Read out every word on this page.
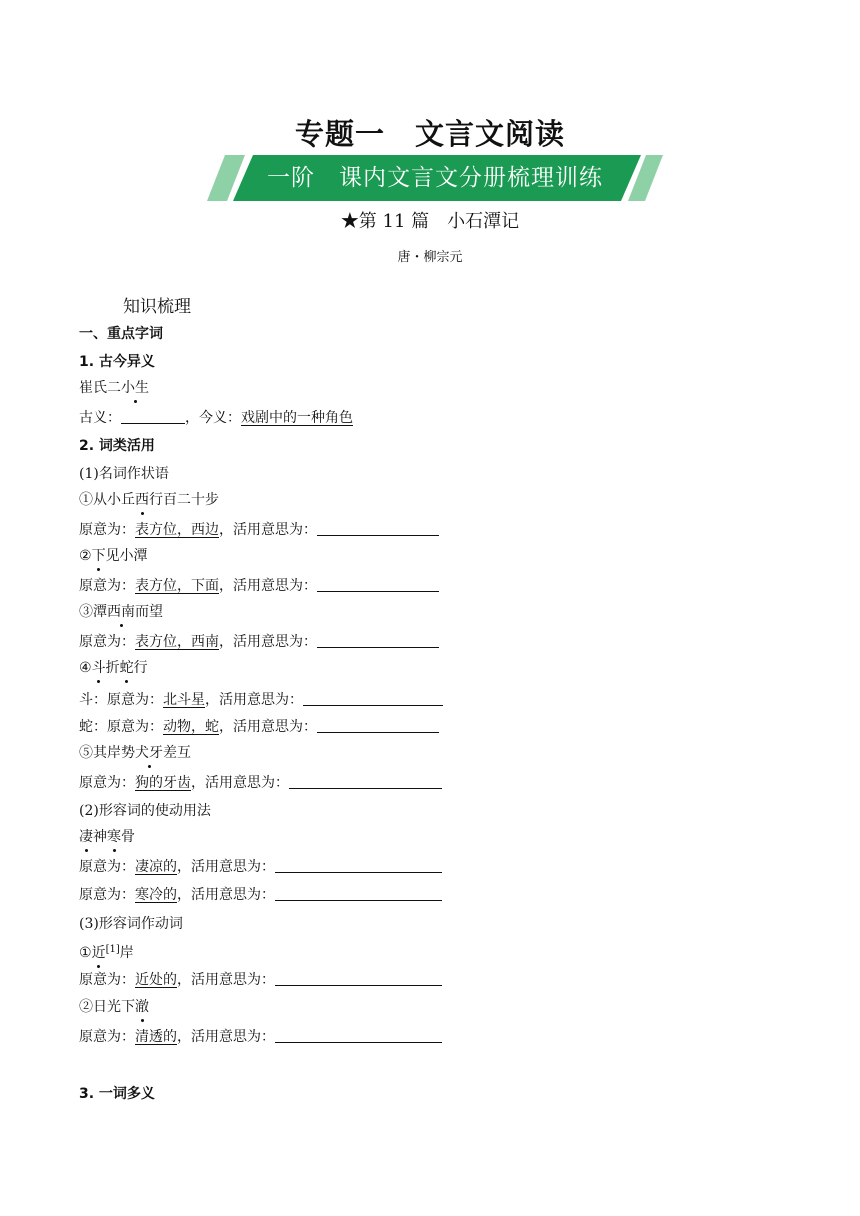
专题一　文言文阅读
一阶　课内文言文分册梳理训练
★第 11 篇　小石潭记
唐・柳宗元
知识梳理
一、重点字词
1. 古今异义
崔氏二小生
古义：	，今义：戏剧中的一种角色
2. 词类活用
(1)名词作状语
①从小丘西行百二十步
原意为：表方位，西边，活用意思为：
②下见小潭
原意为：表方位，下面，活用意思为：
③潭西南而望
原意为：表方位，西南，活用意思为：
④斗折蛇行
斗：原意为：北斗星，活用意思为：
蛇：原意为：动物，蛇，活用意思为：
⑤其岸势犬牙差互
原意为：狗的牙齿，活用意思为：
(2)形容词的使动用法
凄神寒骨
原意为：凄凉的，活用意思为：
原意为：寒冷的，活用意思为：
(3)形容词作动词
①近[1]岸
原意为：近处的，活用意思为：
②日光下澈
原意为：清透的，活用意思为：
3. 一词多义
